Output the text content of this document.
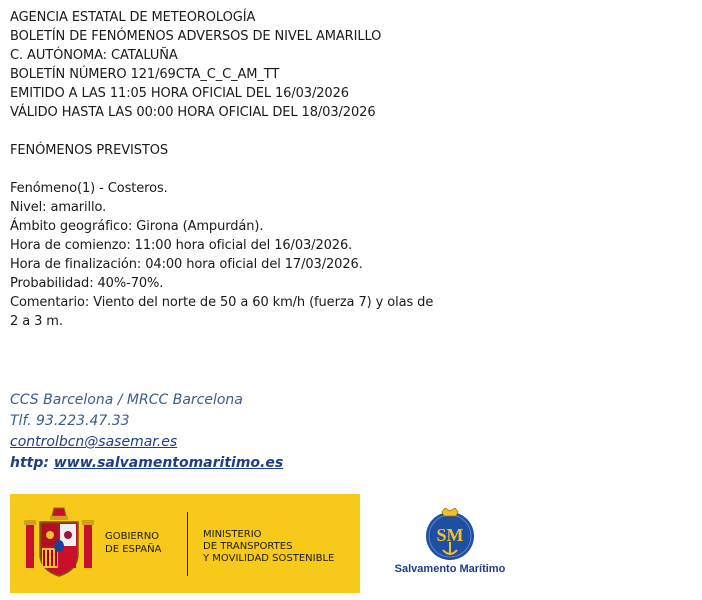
AGENCIA ESTATAL DE METEOROLOGÍA
BOLETÍN DE FENÓMENOS ADVERSOS DE NIVEL AMARILLO
C. AUTÓNOMA: CATALUÑA
BOLETÍN NÚMERO 121/69CTA_C_C_AM_TT
EMITIDO A LAS 11:05 HORA OFICIAL DEL 16/03/2026
VÁLIDO HASTA LAS 00:00 HORA OFICIAL DEL 18/03/2026
FENÓMENOS PREVISTOS
Fenómeno(1) - Costeros.
Nivel: amarillo.
Ámbito geográfico: Girona (Ampurdán).
Hora de comienzo: 11:00 hora oficial del 16/03/2026.
Hora de finalización: 04:00 hora oficial del 17/03/2026.
Probabilidad: 40%-70%.
Comentario: Viento del norte de 50 a 60 km/h (fuerza 7) y olas de 2 a 3 m.
CCS Barcelona / MRCC Barcelona
Tlf. 93.223.47.33
controlbcn@sasemar.es
http: www.salvamentomaritimo.es
GOBIERNO
DE ESPAÑA
MINISTERIO
DE TRANSPORTES
Y MOVILIDAD SOSTENIBLE
SM
Salvamento Marítimo
